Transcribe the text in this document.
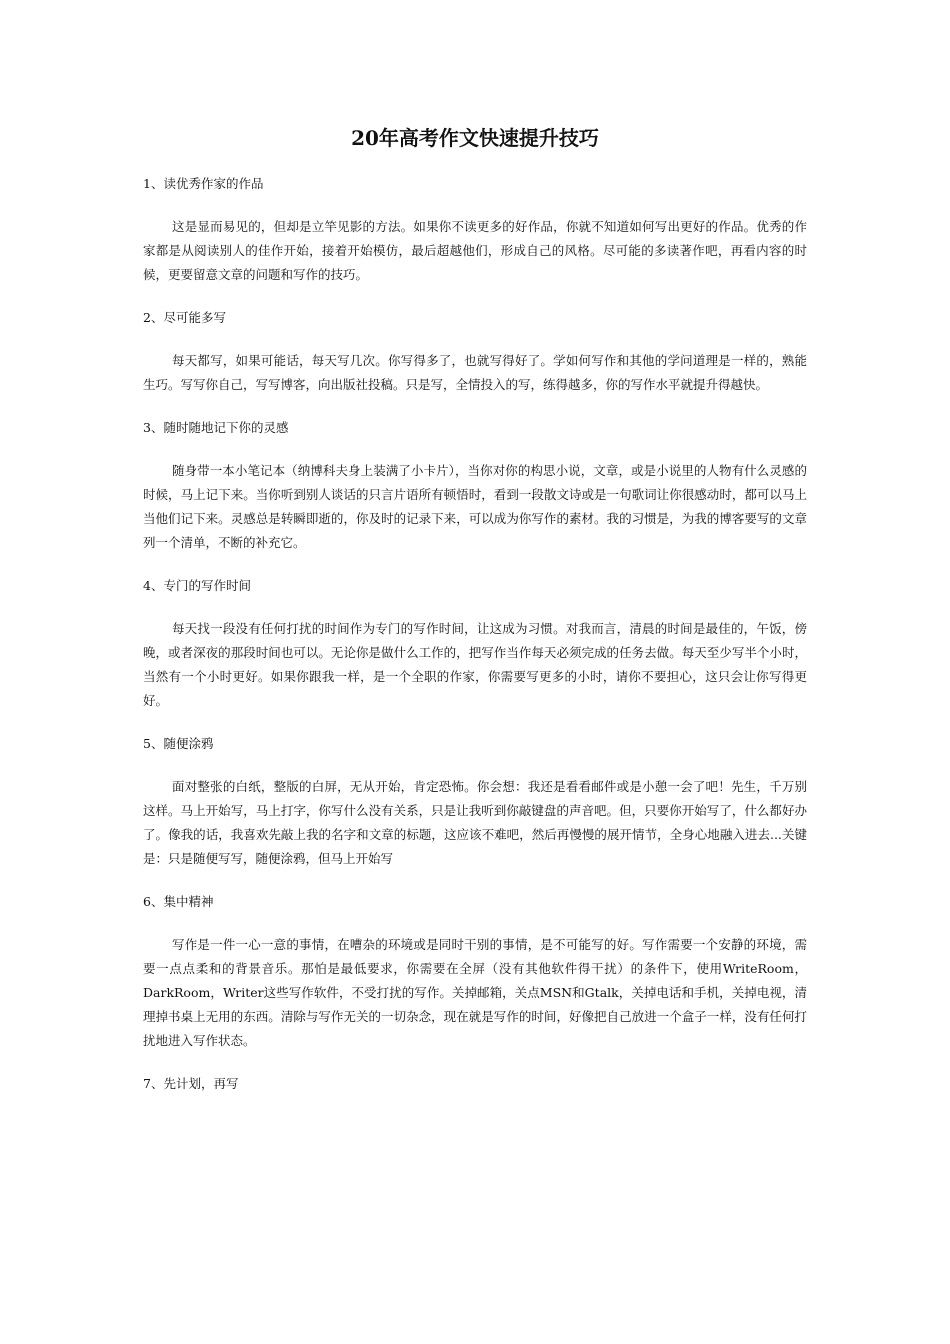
20年高考作文快速提升技巧

1、读优秀作家的作品

这是显而易见的，但却是立竿见影的方法。如果你不读更多的好作品，你就不知道如何写出更好的作品。优秀的作家都是从阅读别人的佳作开始，接着开始模仿，最后超越他们，形成自己的风格。尽可能的多读著作吧，再看内容的时候，更要留意文章的问题和写作的技巧。

2、尽可能多写

每天都写，如果可能话，每天写几次。你写得多了，也就写得好了。学如何写作和其他的学问道理是一样的，熟能生巧。写写你自己，写写博客，向出版社投稿。只是写，全情投入的写，练得越多，你的写作水平就提升得越快。

3、随时随地记下你的灵感

随身带一本小笔记本（纳博科夫身上装满了小卡片），当你对你的构思小说，文章，或是小说里的人物有什么灵感的时候，马上记下来。当你听到别人谈话的只言片语所有顿悟时，看到一段散文诗或是一句歌词让你很感动时，都可以马上当他们记下来。灵感总是转瞬即逝的，你及时的记录下来，可以成为你写作的素材。我的习惯是，为我的博客要写的文章列一个清单，不断的补充它。

4、专门的写作时间

每天找一段没有任何打扰的时间作为专门的写作时间，让这成为习惯。对我而言，清晨的时间是最佳的，午饭，傍晚，或者深夜的那段时间也可以。无论你是做什么工作的，把写作当作每天必须完成的任务去做。每天至少写半个小时，当然有一个小时更好。如果你跟我一样，是一个全职的作家，你需要写更多的小时，请你不要担心，这只会让你写得更好。

5、随便涂鸦

面对整张的白纸，整版的白屏，无从开始，肯定恐怖。你会想：我还是看看邮件或是小憩一会了吧！先生，千万别这样。马上开始写，马上打字，你写什么没有关系，只是让我听到你敲键盘的声音吧。但，只要你开始写了，什么都好办了。像我的话，我喜欢先敲上我的名字和文章的标题，这应该不难吧，然后再慢慢的展开情节，全身心地融入进去...关键是：只是随便写写，随便涂鸦，但马上开始写

6、集中精神

写作是一件一心一意的事情，在嘈杂的环境或是同时干别的事情，是不可能写的好。写作需要一个安静的环境，需要一点点柔和的背景音乐。那怕是最低要求，你需要在全屏（没有其他软件得干扰）的条件下，使用WriteRoom， DarkRoom，Writer这些写作软件，不受打扰的写作。关掉邮箱，关点MSN和Gtalk，关掉电话和手机，关掉电视，清理掉书桌上无用的东西。清除与写作无关的一切杂念，现在就是写作的时间，好像把自己放进一个盒子一样，没有任何打扰地进入写作状态。

7、先计划，再写
